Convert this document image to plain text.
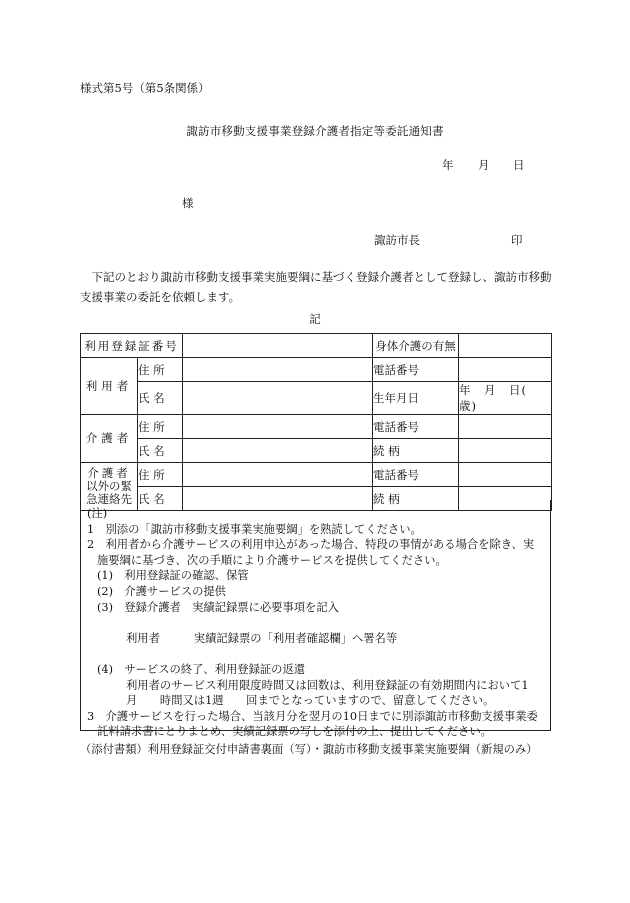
様式第5号（第5条関係）
諏訪市移動支援事業登録介護者指定等委託通知書
年 月 日
様
諏訪市長	印
　下記のとおり諏訪市移動支援事業実施要綱に基づく登録介護者として登録し、諏訪市移動支援事業の委託を依頼します。
記
利用登録証番号			身体介護の有無	
利用者	住 所		電話番号	
	氏 名		生年月日	年　月　日(　歳)
介護者	住 所		電話番号	
	氏 名		続 柄	

介護者
以外の緊
急連絡先	住 所		電話番号	
	氏 名		続 柄	
(注)
1　別添の「諏訪市移動支援事業実施要綱」を熟読してください。
2　利用者から介護サービスの利用申込があった場合、特段の事情がある場合を除き、実
施要綱に基づき、次の手順により介護サービスを提供してください。
(1)　利用登録証の確認、保管
(2)　介護サービスの提供
(3)　登録介護者　実績記録票に必要事項を記入
利用者　　　実績記録票の「利用者確認欄」へ署名等
(4)　サービスの終了、利用登録証の返還
利用者のサービス利用限度時間又は回数は、利用登録証の有効期間内において1
月　　時間又は1週　　回までとなっていますので、留意してください。
3　介護サービスを行った場合、当該月分を翌月の10日までに別添諏訪市移動支援事業委
託料請求書にとりまとめ、実績記録票の写しを添付の上、提出してください。
（添付書類）利用登録証交付申請書裏面（写）・諏訪市移動支援事業実施要綱（新規のみ）
